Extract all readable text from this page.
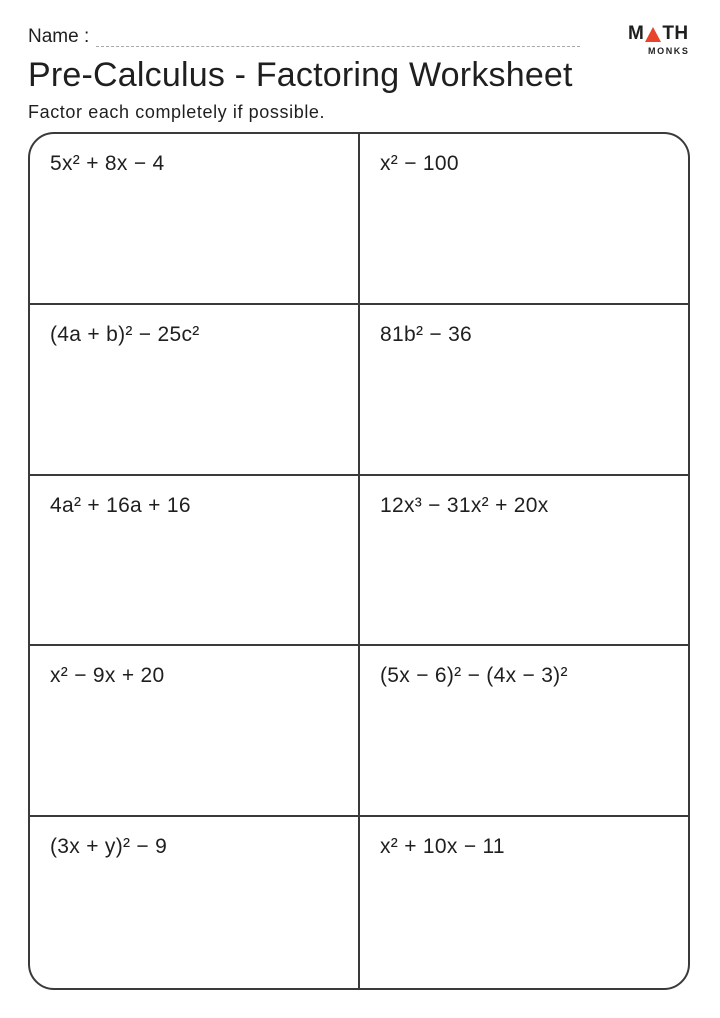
Name :	M TH
MONKS
Pre-Calculus - Factoring Worksheet

Factor each completely if possible.

5x² + 8x − 4	x² − 100
(4a + b)² − 25c²	81b² − 36
4a² + 16a + 16	12x³ − 31x² + 20x
x² − 9x + 20	(5x − 6)² − (4x − 3)²
(3x + y)² − 9	x² + 10x − 11
